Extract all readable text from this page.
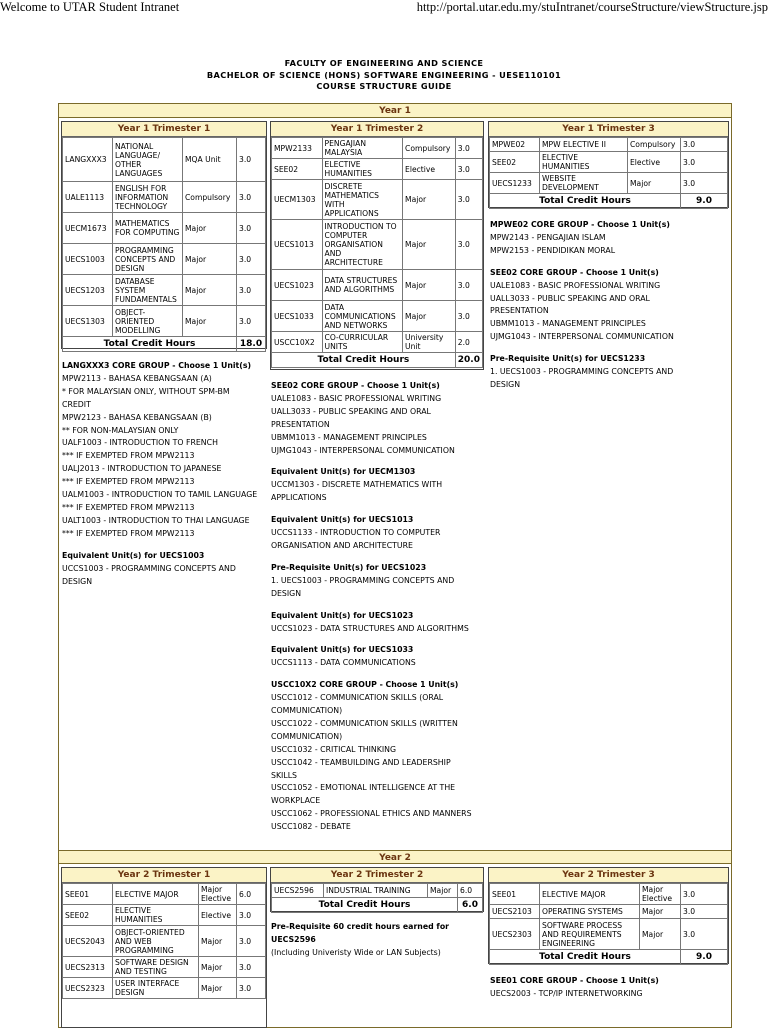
Welcome to UTAR Student Intranet	http://portal.utar.edu.my/stuIntranet/courseStructure/viewStructure.jsp
FACULTY OF ENGINEERING AND SCIENCE
BACHELOR OF SCIENCE (HONS) SOFTWARE ENGINEERING - UESE110101
COURSE STRUCTURE GUIDE
Year 1
Year 1 Trimester 1
LANGXXX3	NATIONAL LANGUAGE/ OTHER LANGUAGES	MQA Unit	3.0
UALE1113	ENGLISH FOR INFORMATION TECHNOLOGY	Compulsory	3.0
UECM1673	MATHEMATICS FOR COMPUTING	Major	3.0
UECS1003	PROGRAMMING CONCEPTS AND DESIGN	Major	3.0
UECS1203	DATABASE SYSTEM FUNDAMENTALS	Major	3.0
UECS1303	OBJECT-ORIENTED MODELLING	Major	3.0
Total Credit Hours			18.0
Year 1 Trimester 2
MPW2133	PENGAJIAN MALAYSIA	Compulsory	3.0
SEE02	ELECTIVE HUMANITIES	Elective	3.0
UECM1303	DISCRETE MATHEMATICS WITH APPLICATIONS	Major	3.0
UECS1013	INTRODUCTION TO COMPUTER ORGANISATION AND ARCHITECTURE	Major	3.0
UECS1023	DATA STRUCTURES AND ALGORITHMS	Major	3.0
UECS1033	DATA COMMUNICATIONS AND NETWORKS	Major	3.0
USCC10X2	CO-CURRICULAR UNITS	University Unit	2.0
Total Credit Hours			20.0
Year 1 Trimester 3
MPWE02	MPW ELECTIVE II	Compulsory	3.0
SEE02	ELECTIVE HUMANITIES	Elective	3.0
UECS1233	WEBSITE DEVELOPMENT	Major	3.0
Total Credit Hours			9.0
LANGXXX3 CORE GROUP - Choose 1 Unit(s)
MPW2113 - BAHASA KEBANGSAAN (A)
* FOR MALAYSIAN ONLY, WITHOUT SPM-BM
CREDIT
MPW2123 - BAHASA KEBANGSAAN (B)
** FOR NON-MALAYSIAN ONLY
UALF1003 - INTRODUCTION TO FRENCH
*** IF EXEMPTED FROM MPW2113
UALJ2013 - INTRODUCTION TO JAPANESE
*** IF EXEMPTED FROM MPW2113
UALM1003 - INTRODUCTION TO TAMIL LANGUAGE
*** IF EXEMPTED FROM MPW2113
UALT1003 - INTRODUCTION TO THAI LANGUAGE
*** IF EXEMPTED FROM MPW2113
Equivalent Unit(s) for UECS1003
UCCS1003 - PROGRAMMING CONCEPTS AND
DESIGN
SEE02 CORE GROUP - Choose 1 Unit(s)
UALE1083 - BASIC PROFESSIONAL WRITING
UALL3033 - PUBLIC SPEAKING AND ORAL
PRESENTATION
UBMM1013 - MANAGEMENT PRINCIPLES
UJMG1043 - INTERPERSONAL COMMUNICATION
Equivalent Unit(s) for UECM1303
UCCM1303 - DISCRETE MATHEMATICS WITH
APPLICATIONS
Equivalent Unit(s) for UECS1013
UCCS1133 - INTRODUCTION TO COMPUTER
ORGANISATION AND ARCHITECTURE
Pre-Requisite Unit(s) for UECS1023
1. UECS1003 - PROGRAMMING CONCEPTS AND
DESIGN
Equivalent Unit(s) for UECS1023
UCCS1023 - DATA STRUCTURES AND ALGORITHMS
Equivalent Unit(s) for UECS1033
UCCS1113 - DATA COMMUNICATIONS
USCC10X2 CORE GROUP - Choose 1 Unit(s)
USCC1012 - COMMUNICATION SKILLS (ORAL
COMMUNICATION)
USCC1022 - COMMUNICATION SKILLS (WRITTEN
COMMUNICATION)
USCC1032 - CRITICAL THINKING
USCC1042 - TEAMBUILDING AND LEADERSHIP
SKILLS
USCC1052 - EMOTIONAL INTELLIGENCE AT THE
WORKPLACE
USCC1062 - PROFESSIONAL ETHICS AND MANNERS
USCC1082 - DEBATE
MPWE02 CORE GROUP - Choose 1 Unit(s)
MPW2143 - PENGAJIAN ISLAM
MPW2153 - PENDIDIKAN MORAL
SEE02 CORE GROUP - Choose 1 Unit(s)
UALE1083 - BASIC PROFESSIONAL WRITING
UALL3033 - PUBLIC SPEAKING AND ORAL
PRESENTATION
UBMM1013 - MANAGEMENT PRINCIPLES
UJMG1043 - INTERPERSONAL COMMUNICATION
Pre-Requisite Unit(s) for UECS1233
1. UECS1003 - PROGRAMMING CONCEPTS AND
DESIGN
Year 2
Year 2 Trimester 1
SEE01	ELECTIVE MAJOR	Major Elective	6.0
SEE02	ELECTIVE HUMANITIES	Elective	3.0
UECS2043	OBJECT-ORIENTED AND WEB PROGRAMMING	Major	3.0
UECS2313	SOFTWARE DESIGN AND TESTING	Major	3.0
UECS2323	USER INTERFACE DESIGN	Major	3.0
Year 2 Trimester 2
UECS2596	INDUSTRIAL TRAINING	Major	6.0
Total Credit Hours			6.0
Year 2 Trimester 3
SEE01	ELECTIVE MAJOR	Major Elective	3.0
UECS2103	OPERATING SYSTEMS	Major	3.0
UECS2303	SOFTWARE PROCESS AND REQUIREMENTS ENGINEERING	Major	3.0
Total Credit Hours			9.0
Pre-Requisite 60 credit hours earned for
UECS2596
(Including Univeristy Wide or LAN Subjects)
SEE01 CORE GROUP - Choose 1 Unit(s)
UECS2003 - TCP/IP INTERNETWORKING
